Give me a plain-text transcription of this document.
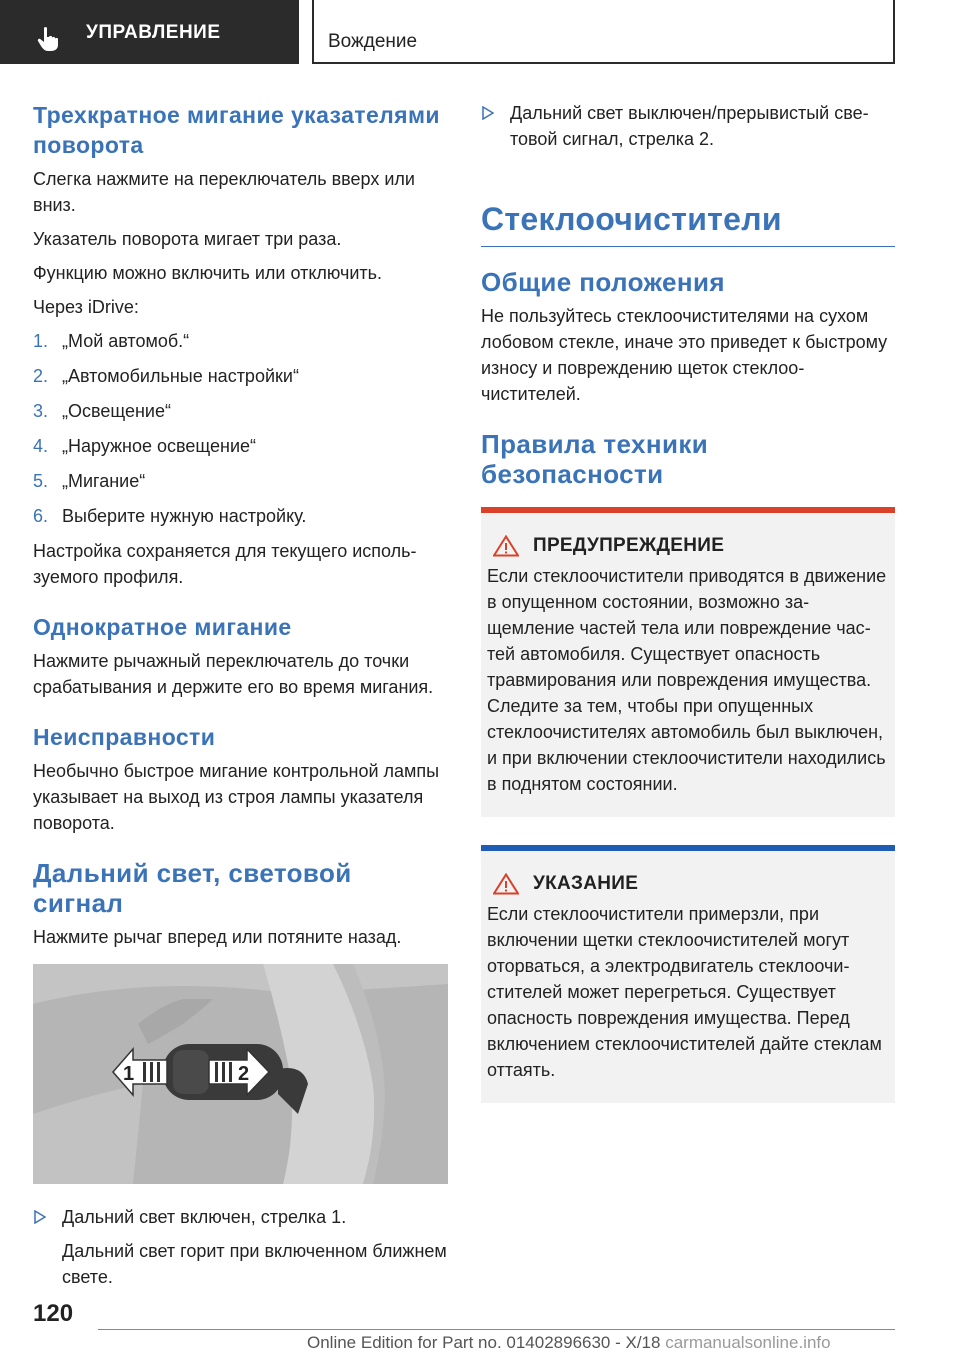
УПРАВЛЕНИЕ	Вождение
Трехкратное мигание указателями поворота

Слегка нажмите на переключатель вверх или вниз.

Указатель поворота мигает три раза.

Функцию можно включить или отключить.

Через iDrive:

1. „Мой автомоб.“
2. „Автомобильные настройки“
3. „Освещение“
4. „Наружное освещение“
5. „Мигание“
6. Выберите нужную настройку.

Настройка сохраняется для текущего используемого профиля.

Однократное мигание

Нажмите рычажный переключатель до точки срабатывания и держите его во время мигания.

Неисправности

Необычно быстрое мигание контрольной лампы указывает на выход из строя лампы указателя поворота.

Дальний свет, световой сигнал

Нажмите рычаг вперед или потяните назад.

1	2
Дальний свет включен, стрелка 1.
Дальний свет горит при включенном ближнем свете.
Дальний свет выключен/прерывистый световой сигнал, стрелка 2.
Стеклоочистители
Общие положения

Не пользуйтесь стеклоочистителями на сухом лобовом стекле, иначе это приведет к быстрому износу и повреждению щеток стеклоочистителей.

Правила техники безопасности
ПРЕДУПРЕЖДЕНИЕ
Если стеклоочистители приводятся в движение в опущенном состоянии, возможно защемление частей тела или повреждение частей автомобиля. Существует опасность травмирования или повреждения имущества. Следите за тем, чтобы при опущенных стеклоочистителях автомобиль был выключен, и при включении стеклоочистители находились в поднятом состоянии.
УКАЗАНИЕ
Если стеклоочистители примерзли, при включении щетки стеклоочистителей могут оторваться, а электродвигатель стеклоочистителей может перегреться. Существует опасность повреждения имущества. Перед включением стеклоочистителей дайте стеклам оттаять.
120
Online Edition for Part no. 01402896630 - X/18 carmanualsonline.info
